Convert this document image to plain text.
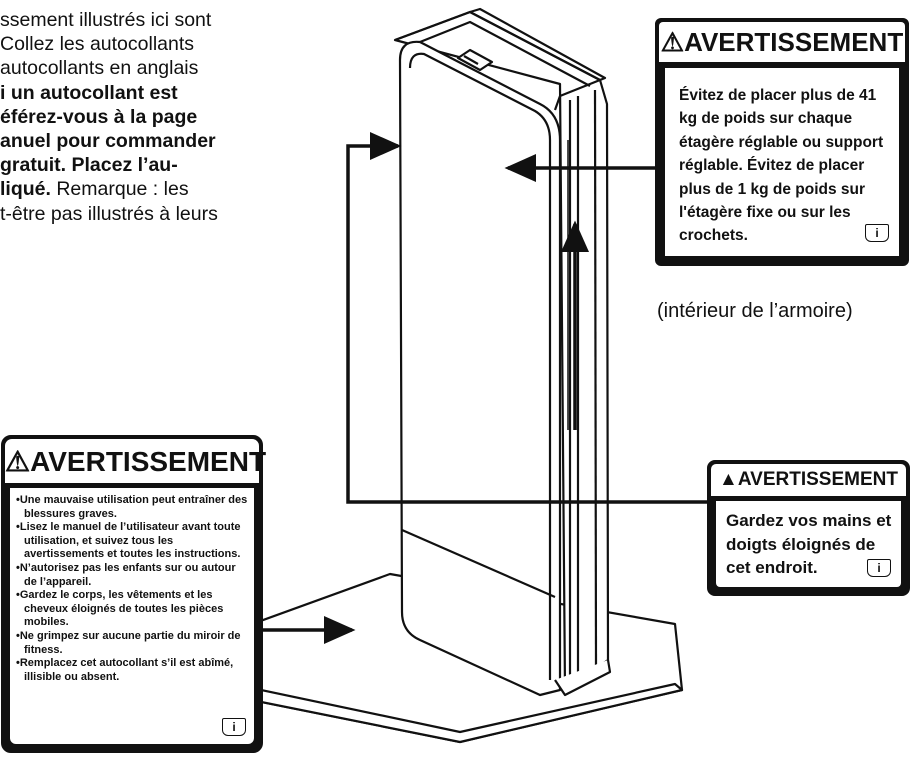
ssement illustrés ici sont
Collez les autocollants
autocollants en anglais
i un autocollant est
éférez-vous à la page
anuel pour commander
gratuit. Placez l’au-
liqué. Remarque : les
t-être pas illustrés à leurs
⚠AVERTISSEMENT
Évitez de placer plus de 41 kg de poids sur chaque étagère réglable ou support réglable. Évitez de placer plus de 1 kg de poids sur l'étagère fixe ou sur les crochets.	i
(intérieur de l’armoire)
▲AVERTISSEMENT
Gardez vos mains et doigts éloignés de cet endroit.	i
⚠AVERTISSEMENT
• Une mauvaise utilisation peut entraîner des blessures graves.
• Lisez le manuel de l’utilisateur avant toute utilisation, et suivez tous les avertissements et toutes les instructions.
• N’autorisez pas les enfants sur ou autour de l’appareil.
• Gardez le corps, les vêtements et les cheveux éloignés de toutes les pièces mobiles.
• Ne grimpez sur aucune partie du miroir de fitness.
• Remplacez cet autocollant s’il est abîmé, illisible ou absent.
i
